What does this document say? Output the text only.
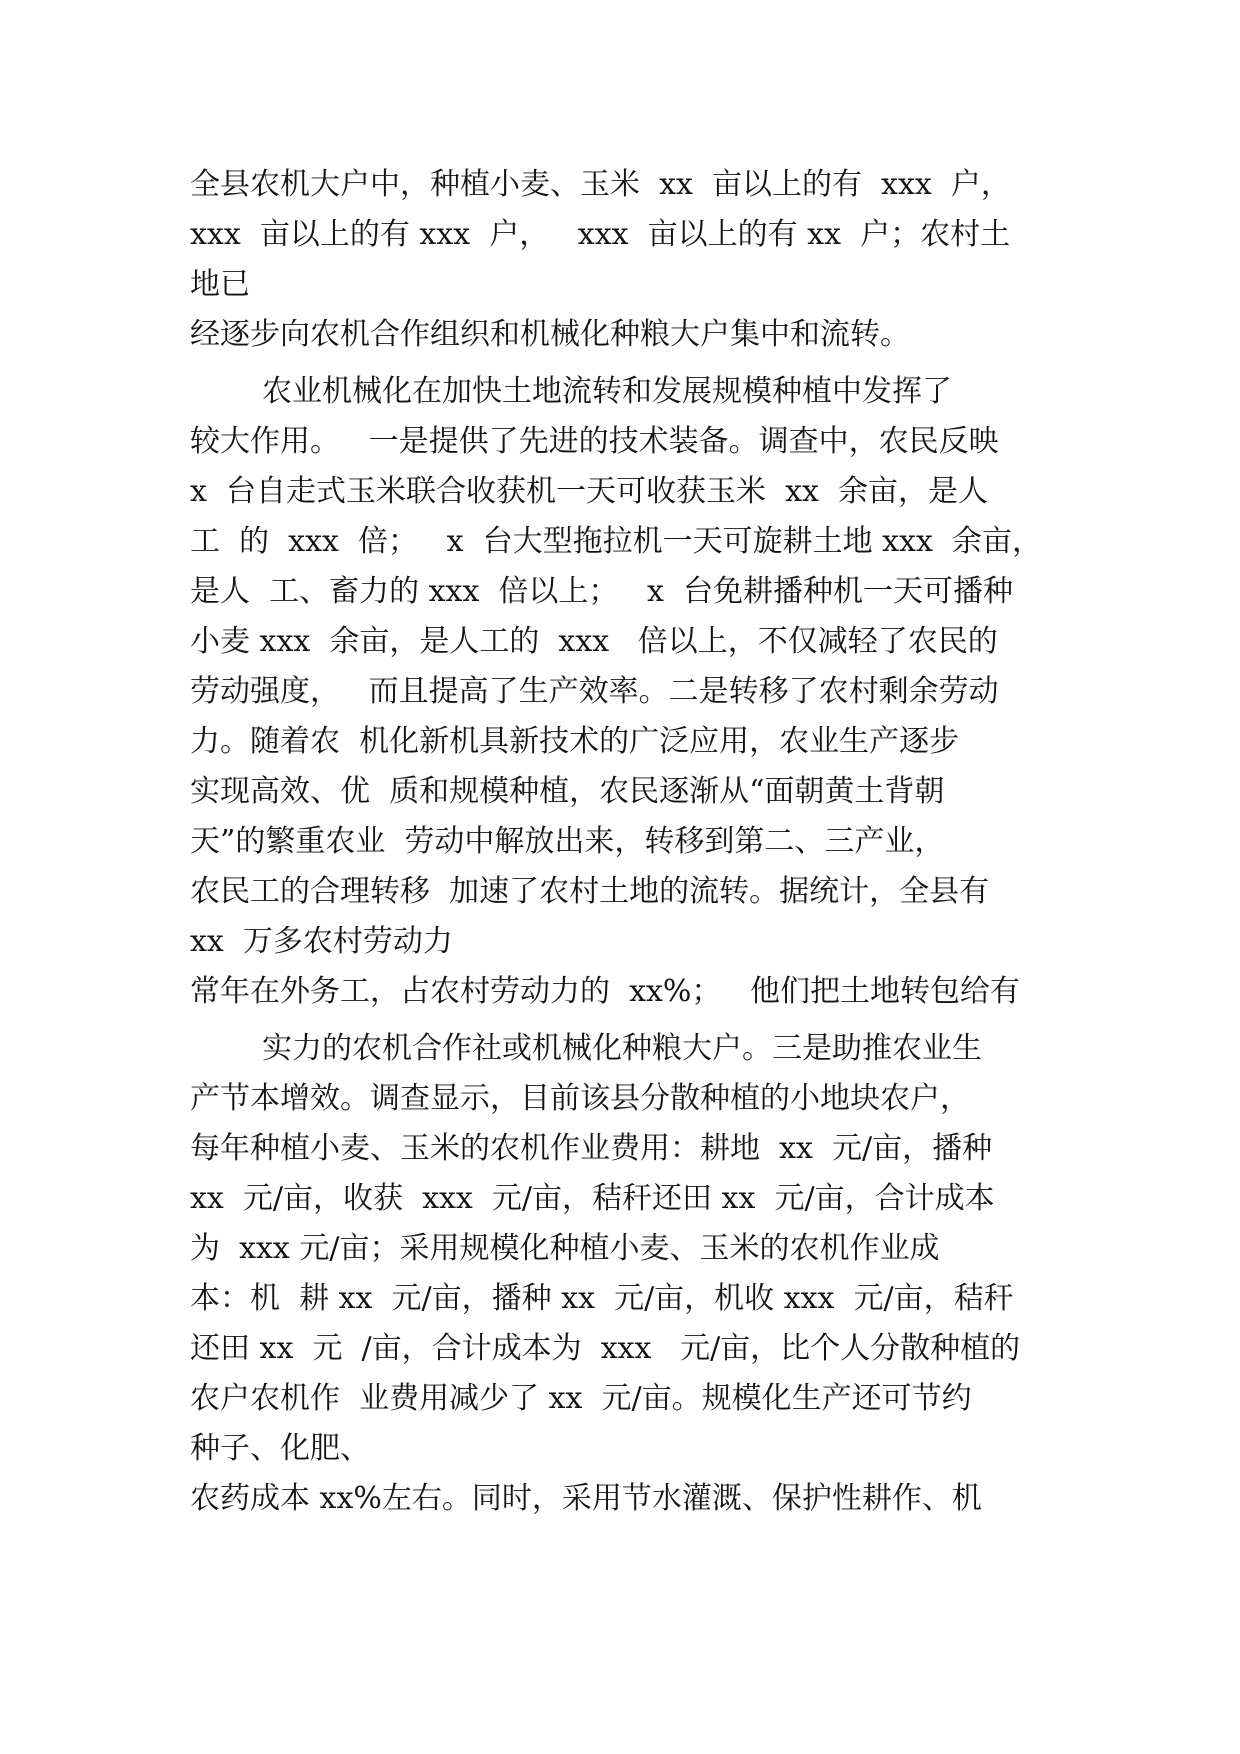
全县农机大户中，种植小麦、玉米  xx  亩以上的有  xxx  户，
xxx  亩以上的有 xxx  户，   xxx  亩以上的有 xx  户；农村土
地已
经逐步向农机合作组织和机械化种粮大户集中和流转。
农业机械化在加快土地流转和发展规模种植中发挥了
较大作用。   一是提供了先进的技术装备。调查中，农民反映
x  台自走式玉米联合收获机一天可收获玉米  xx  余亩，是人
工  的  xxx  倍；   x  台大型拖拉机一天可旋耕土地 xxx  余亩，
是人  工、畜力的 xxx  倍以上；   x  台免耕播种机一天可播种
小麦 xxx  余亩，是人工的  xxx   倍以上，不仅减轻了农民的
劳动强度，   而且提高了生产效率。二是转移了农村剩余劳动
力。随着农  机化新机具新技术的广泛应用，农业生产逐步
实现高效、优  质和规模种植，农民逐渐从“面朝黄土背朝
天”的繁重农业  劳动中解放出来，转移到第二、三产业，
农民工的合理转移  加速了农村土地的流转。据统计，全县有
xx  万多农村劳动力
常年在外务工，占农村劳动力的  xx%；   他们把土地转包给有
实力的农机合作社或机械化种粮大户。三是助推农业生
产节本增效。调查显示，目前该县分散种植的小地块农户，
每年种植小麦、玉米的农机作业费用：耕地  xx  元/亩，播种
xx  元/亩，收获  xxx  元/亩，秸秆还田 xx  元/亩，合计成本
为  xxx 元/亩；采用规模化种植小麦、玉米的农机作业成
本：机  耕 xx  元/亩，播种 xx  元/亩，机收 xxx  元/亩，秸秆
还田 xx  元  /亩，合计成本为  xxx   元/亩，比个人分散种植的
农户农机作  业费用减少了 xx  元/亩。规模化生产还可节约
种子、化肥、
农药成本 xx%左右。同时，采用节水灌溉、保护性耕作、机
